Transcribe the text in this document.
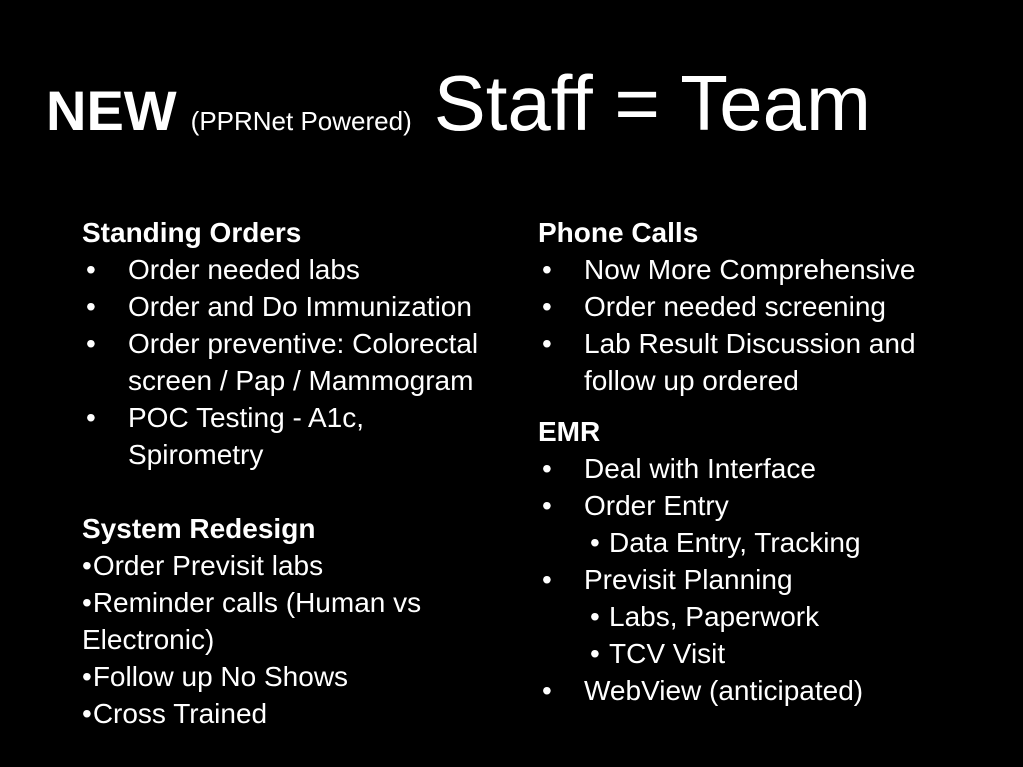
NEW (PPRNet Powered) Staff = Team
Standing Orders
• Order needed labs
• Order and Do Immunization
• Order preventive: Colorectal screen / Pap / Mammogram
• POC Testing - A1c, Spirometry
System Redesign
•Order Previsit labs
•Reminder calls (Human vs Electronic)
•Follow up No Shows
•Cross Trained
Phone Calls
• Now More Comprehensive
• Order needed screening
• Lab Result Discussion and follow up ordered
EMR
• Deal with Interface
• Order Entry
• Data Entry, Tracking
• Previsit Planning
• Labs, Paperwork
• TCV Visit
• WebView (anticipated)
